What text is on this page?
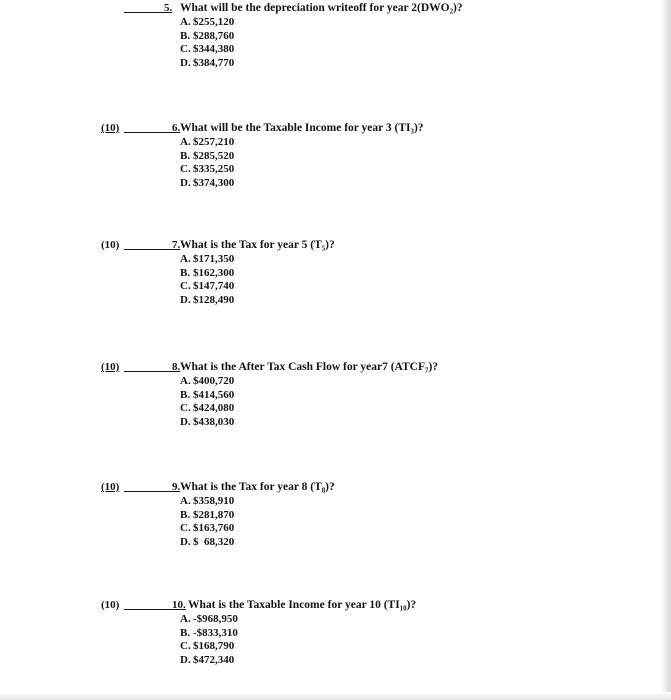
5. What will be the depreciation writeoff for year 2(DWO₂)?
A. $255,120
B. $288,760
C. $344,380
D. $384,770
(10)	6. What will be the Taxable Income for year 3 (TI₃)?
A. $257,210
B. $285,520
C. $335,250
D. $374,300
(10)	7. What is the Tax for year 5 (T₅)?
A. $171,350
B. $162,300
C. $147,740
D. $128,490
(10)	8. What is the After Tax Cash Flow for year7 (ATCF₇)?
A. $400,720
B. $414,560
C. $424,080
D. $438,030
(10)	9. What is the Tax for year 8 (T₈)?
A. $358,910
B. $281,870
C. $163,760
D. $  68,320
(10)	10. What is the Taxable Income for year 10 (TI₁₀)?
A. -$968,950
B. -$833,310
C. $168,790
D. $472,340
